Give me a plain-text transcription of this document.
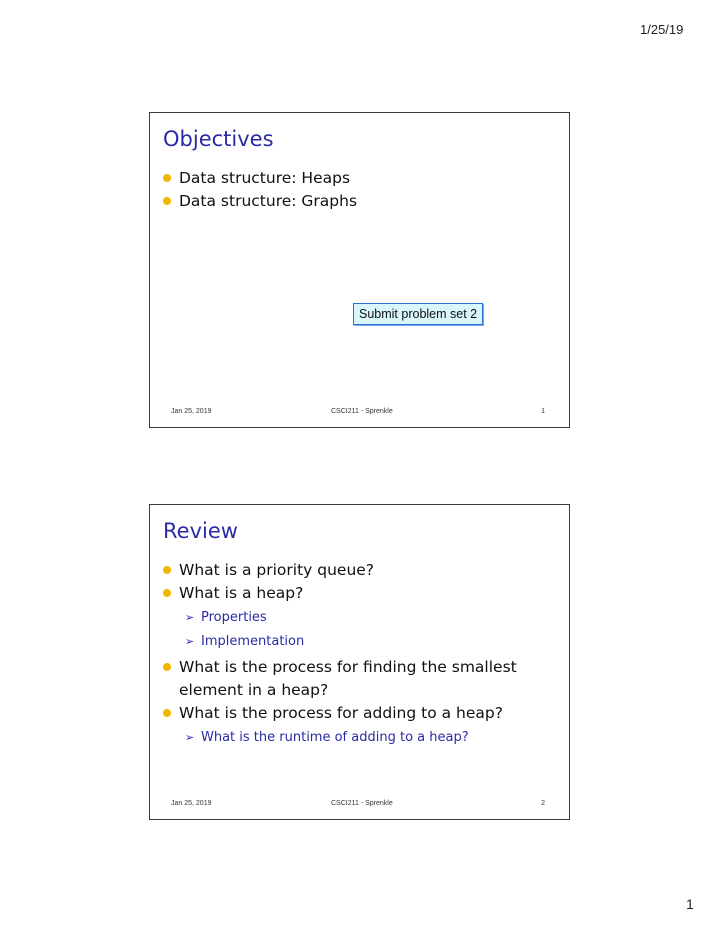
1/25/19
Objectives
Data structure: Heaps
Data structure: Graphs
Submit problem set 2
Jan 25, 2019	CSCI211 - Sprenkle	1
Review
What is a priority queue?
What is a heap?
➢ Properties
➢ Implementation
What is the process for finding the smallest element in a heap?
What is the process for adding to a heap?
➢ What is the runtime of adding to a heap?
Jan 25, 2019	CSCI211 - Sprenkle	2
1
